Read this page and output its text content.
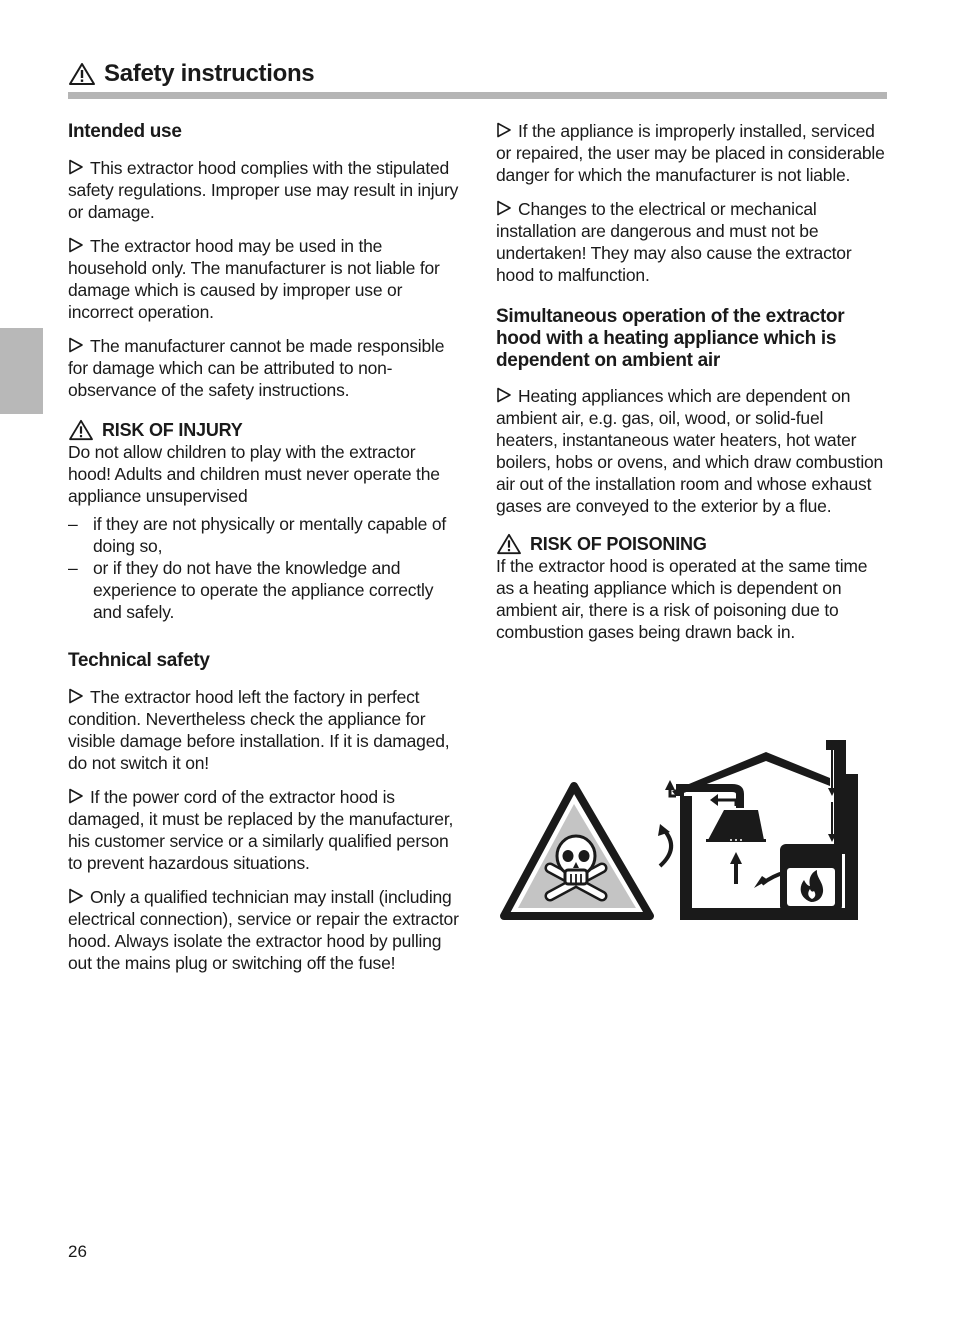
Safety instructions
Intended use

This extractor hood complies with the stipulated safety regulations. Improper use may result in injury or damage.

The extractor hood may be used in the household only. The manufacturer is not liable for damage which is caused by improper use or incorrect operation.

The manufacturer cannot be made responsible for damage which can be attributed to non-observance of the safety instructions.

RISK OF INJURY
Do not allow children to play with the extractor hood! Adults and children must never operate the appliance unsupervised
– if they are not physically or mentally capable of doing so,
– or if they do not have the knowledge and experience to operate the appliance correctly and safely.
Technical safety

The extractor hood left the factory in perfect condition. Nevertheless check the appliance for visible damage before installation. If it is damaged, do not switch it on!

If the power cord of the extractor hood is damaged, it must be replaced by the manufacturer, his customer service or a similarly qualified person to prevent hazardous situations.

Only a qualified technician may install (including electrical connection), service or repair the extractor hood. Always isolate the extractor hood by pulling out the mains plug or switching off the fuse!

If the appliance is improperly installed, serviced or repaired, the user may be placed in considerable danger for which the manufacturer is not liable.

Changes to the electrical or mechanical installation are dangerous and must not be undertaken! They may also cause the extractor hood to malfunction.

Simultaneous operation of the extractor hood with a heating appliance which is dependent on ambient air

Heating appliances which are dependent on ambient air, e.g. gas, oil, wood, or solid-fuel heaters, instantaneous water heaters, hot water boilers, hobs or ovens, and which draw combustion air out of the installation room and whose exhaust gases are conveyed to the exterior by a flue.

RISK OF POISONING
If the extractor hood is operated at the same time as a heating appliance which is dependent on ambient air, there is a risk of poisoning due to combustion gases being drawn back in.
26
